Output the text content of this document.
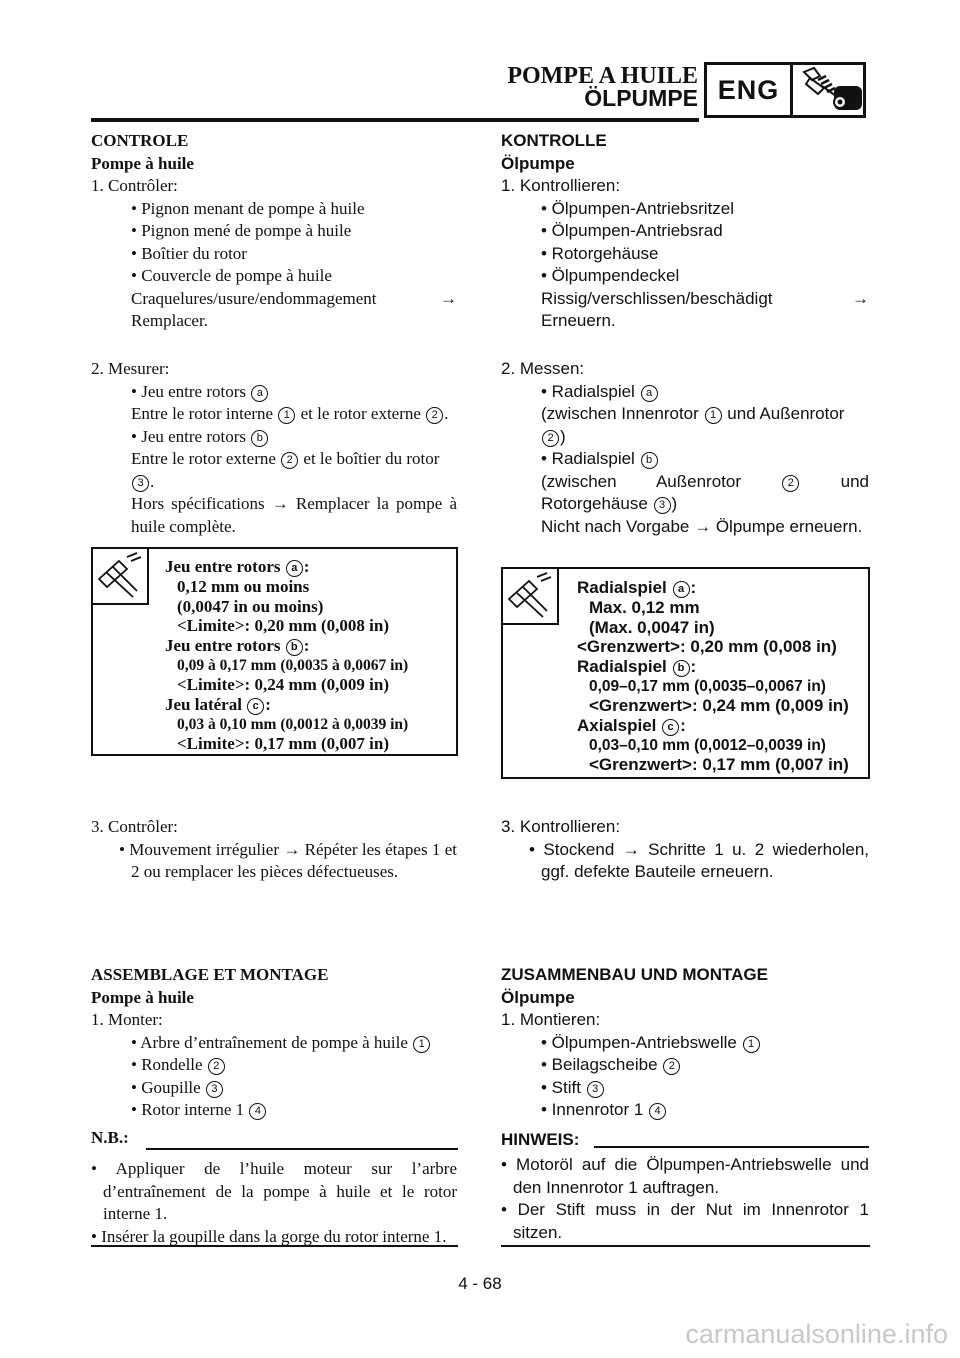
POMPE A HUILE
ÖLPUMPE ENG

CONTROLE

Pompe à huile

1. Contrôler:

• Pignon menant de pompe à huile

• Pignon mené de pompe à huile

• Boîtier du rotor

• Couvercle de pompe à huile

Craquelures/usure/endommagement → Remplacer.

2. Mesurer:

• Jeu entre rotors a

Entre le rotor interne 1 et le rotor externe 2 .

• Jeu entre rotors b

Entre le rotor externe 2 et le boîtier du rotor
3 .

Hors spécifications → Remplacer la pompe à huile complète.

Jeu entre rotors a :

0,12 mm ou moins

(0,0047 in ou moins)

<Limite>: 0,20 mm (0,008 in)

Jeu entre rotors b :

0,09 à 0,17 mm (0,0035 à 0,0067 in)

<Limite>: 0,24 mm (0,009 in)

Jeu latéral c :

0,03 à 0,10 mm (0,0012 à 0,0039 in)

<Limite>: 0,17 mm (0,007 in)

3. Contrôler:

• Mouvement irrégulier → Répéter les étapes 1 et 2 ou remplacer les pièces défectueuses.

ASSEMBLAGE ET MONTAGE

Pompe à huile

1. Monter:

• Arbre d’entraînement de pompe à huile 1

• Rondelle 2

• Goupille 3

• Rotor interne 1 4

N.B.:

• Appliquer de l’huile moteur sur l’arbre d’entraînement de la pompe à huile et le rotor interne 1.

• Insérer la goupille dans la gorge du rotor interne 1.

KONTROLLE

Ölpumpe

1. Kontrollieren:

• Ölpumpen-Antriebsritzel

• Ölpumpen-Antriebsrad

• Rotorgehäuse

• Ölpumpendeckel

Rissig/verschlissen/beschädigt → Erneuern.

2. Messen:

• Radialspiel a

(zwischen Innenrotor 1 und Außenrotor
2 )

• Radialspiel b

(zwischen Außenrotor	2	und Rotorgehäuse 3 )

Nicht nach Vorgabe → Ölpumpe erneuern.

Radialspiel a :

Max. 0,12 mm

(Max. 0,0047 in)

<Grenzwert>: 0,20 mm (0,008 in)

Radialspiel b :

0,09–0,17 mm (0,0035–0,0067 in)

<Grenzwert>: 0,24 mm (0,009 in)

Axialspiel c :

0,03–0,10 mm (0,0012–0,0039 in)

<Grenzwert>: 0,17 mm (0,007 in)

3. Kontrollieren:

• Stockend → Schritte 1 u. 2 wiederholen, ggf. defekte Bauteile erneuern.

ZUSAMMENBAU UND MONTAGE

Ölpumpe

1. Montieren:

• Ölpumpen-Antriebswelle 1

• Beilagscheibe 2

• Stift 3

• Innenrotor 1 4

HINWEIS:

• Motoröl auf die Ölpumpen-Antriebswelle und den Innenrotor 1 auftragen.

• Der Stift muss in der Nut im Innenrotor 1 sitzen.

4 - 68
carmanualsonline.info
